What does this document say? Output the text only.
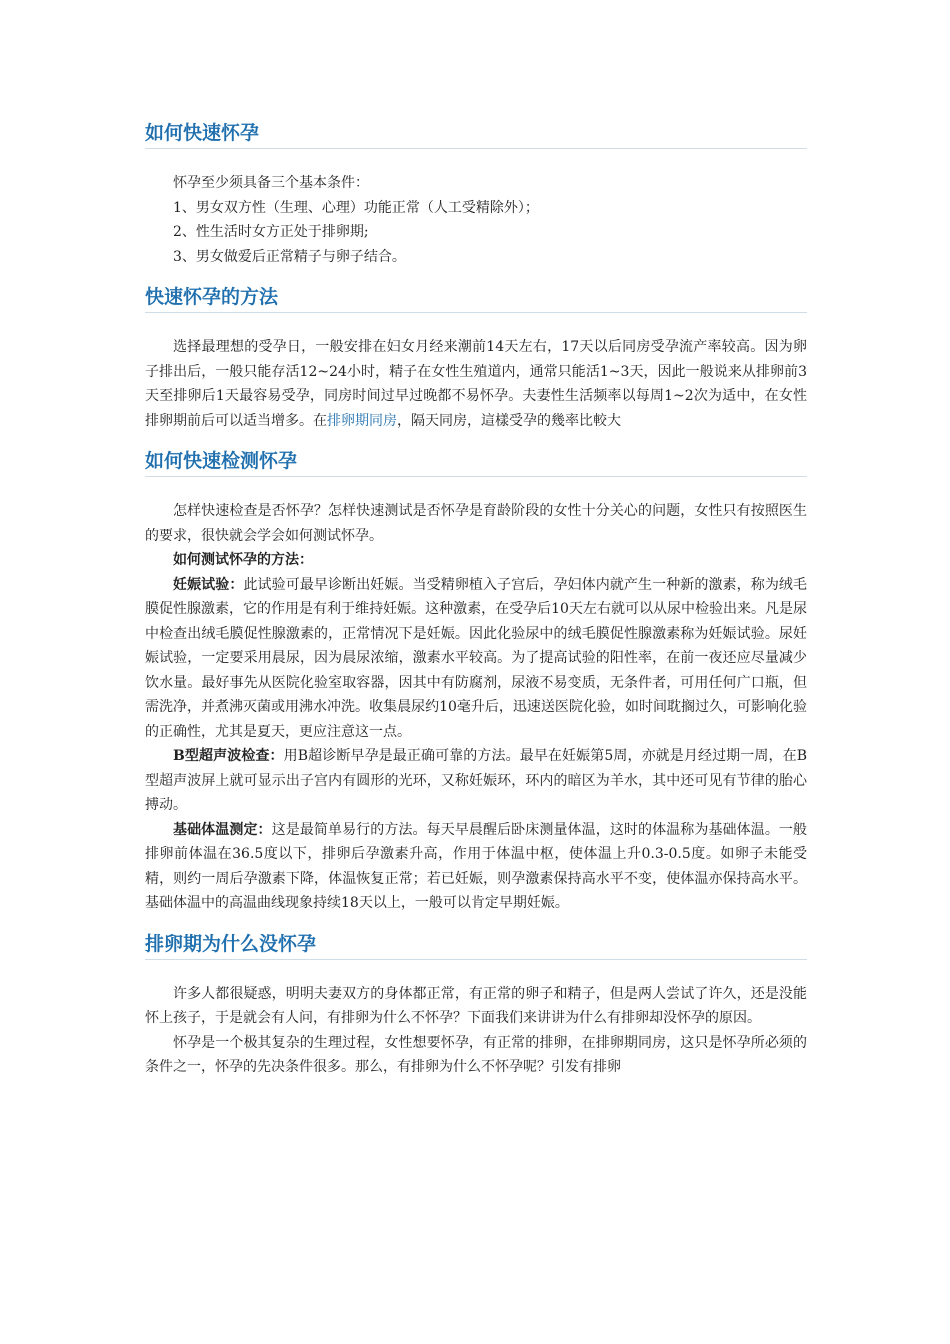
如何快速怀孕

怀孕至少须具备三个基本条件：

1、男女双方性（生理、心理）功能正常（人工受精除外）；

2、性生活时女方正处于排卵期;

3、男女做爱后正常精子与卵子结合。

快速怀孕的方法

选择最理想的受孕日，一般安排在妇女月经来潮前14天左右，17天以后同房受孕流产率较高。因为卵子排出后，一般只能存活12~24小时，精子在女性生殖道内，通常只能活1~3天，因此一般说来从排卵前3天至排卵后1天最容易受孕，同房时间过早过晚都不易怀孕。夫妻性生活频率以每周1~2次为适中，在女性排卵期前后可以适当增多。在排卵期同房，隔天同房，這樣受孕的幾率比較大

如何快速检测怀孕

怎样快速检查是否怀孕？怎样快速测试是否怀孕是育龄阶段的女性十分关心的问题，女性只有按照医生的要求，很快就会学会如何测试怀孕。

如何测试怀孕的方法：

妊娠试验：此试验可最早诊断出妊娠。当受精卵植入子宫后，孕妇体内就产生一种新的激素，称为绒毛膜促性腺激素，它的作用是有利于维持妊娠。这种激素，在受孕后10天左右就可以从尿中检验出来。凡是尿中检查出绒毛膜促性腺激素的，正常情况下是妊娠。因此化验尿中的绒毛膜促性腺激素称为妊娠试验。尿妊娠试验，一定要采用晨尿，因为晨尿浓缩，激素水平较高。为了提高试验的阳性率，在前一夜还应尽量减少饮水量。最好事先从医院化验室取容器，因其中有防腐剂，尿液不易变质，无条件者，可用任何广口瓶，但需洗净，并煮沸灭菌或用沸水冲洗。收集晨尿约10毫升后，迅速送医院化验，如时间耽搁过久，可影响化验的正确性，尤其是夏天，更应注意这一点。

B型超声波检查：用B超诊断早孕是最正确可靠的方法。最早在妊娠第5周，亦就是月经过期一周，在B型超声波屏上就可显示出子宫内有圆形的光环，又称妊娠环，环内的暗区为羊水，其中还可见有节律的胎心搏动。

基础体温测定：这是最简单易行的方法。每天早晨醒后卧床测量体温，这时的体温称为基础体温。一般排卵前体温在36.5度以下，排卵后孕激素升高，作用于体温中枢，使体温上升0.3-0.5度。如卵子未能受精，则约一周后孕激素下降，体温恢复正常；若已妊娠，则孕激素保持高水平不变，使体温亦保持高水平。基础体温中的高温曲线现象持续18天以上，一般可以肯定早期妊娠。

排卵期为什么没怀孕

许多人都很疑惑，明明夫妻双方的身体都正常，有正常的卵子和精子，但是两人尝试了许久，还是没能怀上孩子，于是就会有人问，有排卵为什么不怀孕？下面我们来讲讲为什么有排卵却没怀孕的原因。

怀孕是一个极其复杂的生理过程，女性想要怀孕，有正常的排卵，在排卵期同房，这只是怀孕所必须的条件之一，怀孕的先决条件很多。那么，有排卵为什么不怀孕呢？引发有排卵
